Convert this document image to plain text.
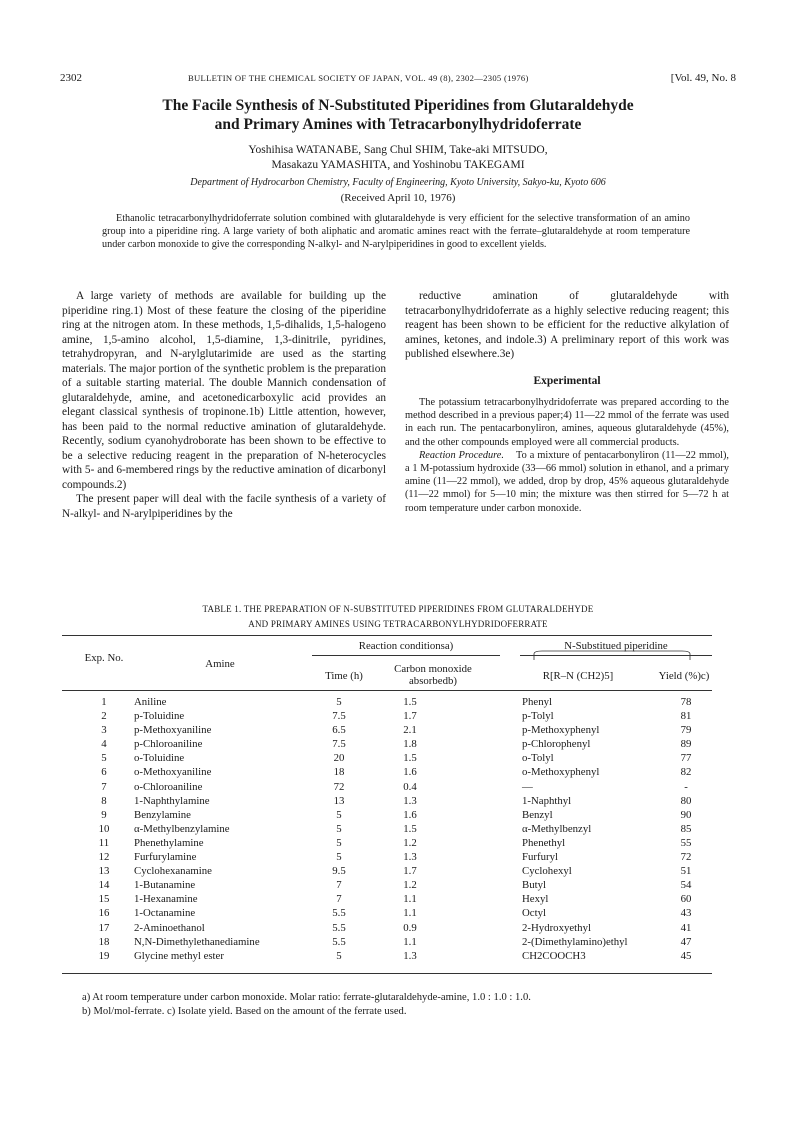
2302	BULLETIN OF THE CHEMICAL SOCIETY OF JAPAN, VOL. 49 (8), 2302—2305 (1976)	[Vol. 49, No. 8
The Facile Synthesis of N-Substituted Piperidines from Glutaraldehyde
and Primary Amines with Tetracarbonylhydridoferrate
Yoshihisa WATANABE, Sang Chul SHIM, Take-aki MITSUDO,
Masakazu YAMASHITA, and Yoshinobu TAKEGAMI
Department of Hydrocarbon Chemistry, Faculty of Engineering, Kyoto University, Sakyo-ku, Kyoto 606
(Received April 10, 1976)

Ethanolic tetracarbonylhydridoferrate solution combined with glutaraldehyde is very efficient for the selective transformation of an amino group into a piperidine ring. A large variety of both aliphatic and aromatic amines react with the ferrate–glutaraldehyde at room temperature under carbon monoxide to give the corresponding N-alkyl- and N-arylpiperidines in good to excellent yields.

A large variety of methods are available for building up the piperidine ring.1) Most of these feature the closing of the piperidine ring at the nitrogen atom. In these methods, 1,5-dihalids, 1,5-halogeno amine, 1,5-amino alcohol, 1,5-diamine, 1,3-dinitrile, pyridines, tetrahydropyran, and N-arylglutarimide are used as the starting materials. The major portion of the synthetic problem is the preparation of a suitable starting material. The double Mannich condensation of glutaraldehyde, amine, and acetonedicarboxylic acid provides an elegant classical synthesis of tropinone.1b) Little attention, however, has been paid to the normal reductive amination of glutaraldehyde. Recently, sodium cyanohydroborate has been shown to be effective to be a selective reducing reagent in the preparation of N-heterocycles with 5- and 6-membered rings by the reductive amination of dicarbonyl compounds.2)

The present paper will deal with the facile synthesis of a variety of N-alkyl- and N-arylpiperidines by the

reductive amination of glutaraldehyde with tetracarbonylhydridoferrate as a highly selective reducing reagent; this reagent has been shown to be efficient for the reductive alkylation of amines, ketones, and indole.3) A preliminary report of this work was published elsewhere.3e)

Experimental

The potassium tetracarbonylhydridoferrate was prepared according to the method described in a previous paper;4) 11—22 mmol of the ferrate was used in each run. The pentacarbonyliron, amines, aqueous glutaraldehyde (45%), and the other compounds employed were all commercial products.

Reaction Procedure. To a mixture of pentacarbonyliron (11—22 mmol), a 1 M-potassium hydroxide (33—66 mmol) solution in ethanol, and a primary amine (11—22 mmol), we added, drop by drop, 45% aqueous glutaraldehyde (11—22 mmol) for 5—10 min; the mixture was then stirred for 5—72 h at room temperature under carbon monoxide.

TABLE 1. THE PREPARATION OF N-SUBSTITUTED PIPERIDINES FROM GLUTARALDEHYDE
AND PRIMARY AMINES USING TETRACARBONYLHYDRIDOFERRATE
Exp. No.	Amine
Reaction conditionsa)
Time (h)
Carbon monoxide absorbedb)
N-Substitued piperidine
R[R–N (CH2)5]	Yield (%)c)
1	Aniline	5	1.5	Phenyl	78
2	p-Toluidine	7.5	1.7	p-Tolyl	81
3	p-Methoxyaniline	6.5	2.1	p-Methoxyphenyl	79
4	p-Chloroaniline	7.5	1.8	p-Chlorophenyl	89
5	o-Toluidine	20	1.5	o-Tolyl	77
6	o-Methoxyaniline	18	1.6	o-Methoxyphenyl	82
7	o-Chloroaniline	72	0.4	—	-
8	1-Naphthylamine	13	1.3	1-Naphthyl	80
9	Benzylamine	5	1.6	Benzyl	90
10	α-Methylbenzylamine	5	1.5	α-Methylbenzyl	85
11	Phenethylamine	5	1.2	Phenethyl	55
12	Furfurylamine	5	1.3	Furfuryl	72
13	Cyclohexanamine	9.5	1.7	Cyclohexyl	51
14	1-Butanamine	7	1.2	Butyl	54
15	1-Hexanamine	7	1.1	Hexyl	60
16	1-Octanamine	5.5	1.1	Octyl	43
17	2-Aminoethanol	5.5	0.9	2-Hydroxyethyl	41
18	N,N-Dimethylethanediamine	5.5	1.1	2-(Dimethylamino)ethyl	47
19	Glycine methyl ester	5	1.3	CH2COOCH3	45
a) At room temperature under carbon monoxide. Molar ratio: ferrate-glutaraldehyde-amine, 1.0 : 1.0 : 1.0.
b) Mol/mol-ferrate. c) Isolate yield. Based on the amount of the ferrate used.
